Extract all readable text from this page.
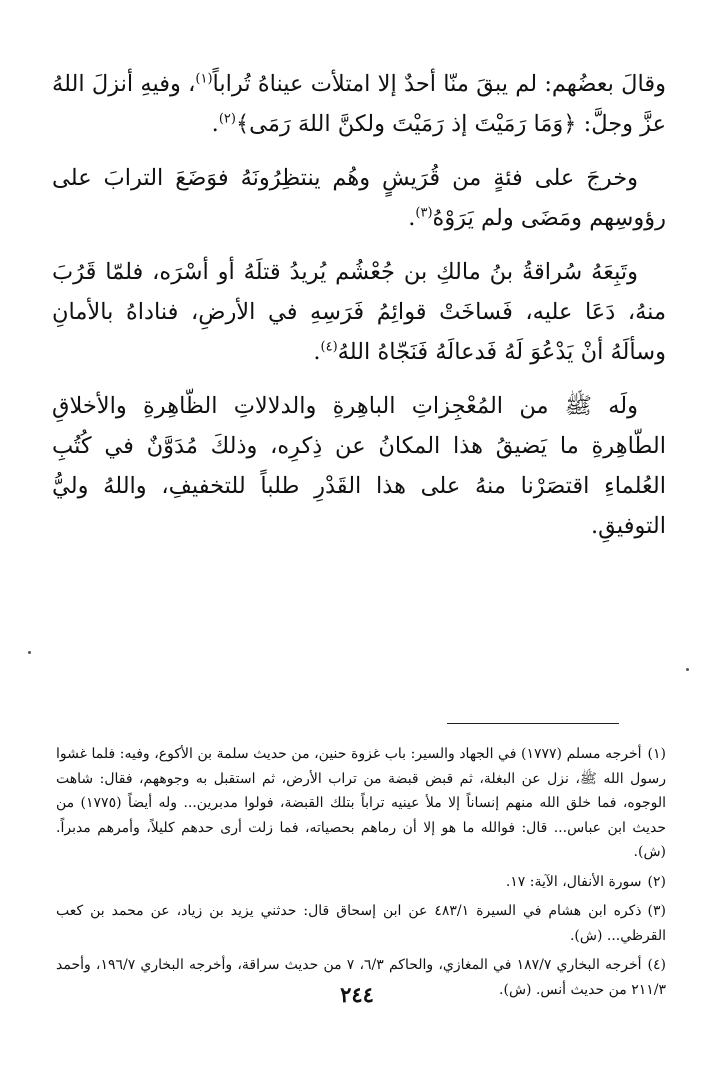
وقالَ بعضُهم: لم يبقَ منّا أحدٌ إلا امتلأت عيناهُ تُراباً$^{(١)}$، وفيهِ أنزلَ اللهُ عزَّ وجلَّ: ﴿وَمَا رَمَيْتَ إذ رَمَيْتَ ولكنَّ اللهَ رَمَى﴾$^{(٢)}$.

وخرجَ على فئةٍ من قُرَيشٍ وهُم ينتظِرُونَهُ فوَضَعَ الترابَ على رؤوسِهم ومَضَى ولم يَرَوْهُ$^{(٣)}$.

وتَبِعَهُ سُراقةُ بنُ مالكِ بن جُعْشُم يُريدُ قتلَهُ أو أسْرَه، فلمّا قَرُبَ منهُ، دَعَا عليه، فَساخَتْ قوائِمُ فَرَسِهِ في الأرضِ، فناداهُ بالأمانِ وسألَهُ أنْ يَدْعُوَ لَهُ فَدعالَهُ فَنَجّاهُ اللهُ$^{(٤)}$.

ولَه ﷺ من المُعْجِزاتِ الباهِرةِ والدلالاتِ الظّاهِرةِ والأخلاقِ الطّاهِرةِ ما يَضيقُ هذا المكانُ عن ذِكرِه، وذلكَ مُدَوَّنٌ في كُتُبِ العُلماءِ اقتصَرْنا منهُ على هذا القَدْرِ طلباً للتخفيفِ، واللهُ وليُّ التوفيقِ.

(١)أخرجه مسلم (١٧٧٧) في الجهاد والسير: باب غزوة حنين، من حديث سلمة بن الأكوع، وفيه: فلما غشوا رسول الله ﷺ، نزل عن البغلة، ثم قبض قبضة من تراب الأرض، ثم استقبل به وجوههم، فقال: شاهت الوجوه، فما خلق الله منهم إنساناً إلا ملأ عينيه تراباً بتلك القبضة، فولوا مدبرين... وله أيضاً (١٧٧٥) من حديث ابن عباس... قال: فوالله ما هو إلا أن رماهم بحصياته، فما زلت أرى حدهم كليلاً، وأمرهم مدبراً. (ش).

(٢)سورة الأنفال، الآية: ١٧.

(٣)ذكره ابن هشام في السيرة ٤٨٣/١ عن ابن إسحاق قال: حدثني يزيد بن زياد، عن محمد بن كعب القرظي... (ش).

(٤)أخرجه البخاري ١٨٧/٧ في المغازي، والحاكم ٦/٣، ٧ من حديث سراقة، وأخرجه البخاري ١٩٦/٧، وأحمد ٢١١/٣ من حديث أنس. (ش).

٢٤٤
